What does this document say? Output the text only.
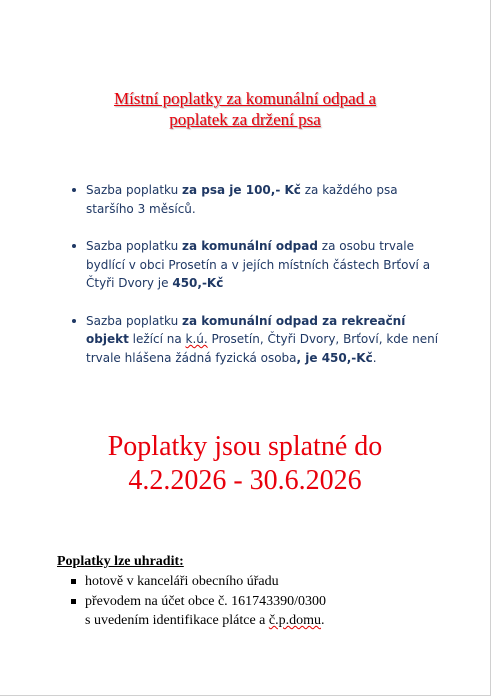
Místní poplatky za komunální odpad a
poplatek za držení psa
Sazba poplatku za psa je 100,- Kč za každého psa staršího 3 měsíců.
Sazba poplatku za komunální odpad za osobu trvale bydlící v obci Prosetín a v jejích místních částech Brťoví a Čtyři Dvory je 450,-Kč
Sazba poplatku za komunální odpad za rekreační objekt ležící na k.ú. Prosetín, Čtyři Dvory, Brťoví, kde není trvale hlášena žádná fyzická osoba, je 450,-Kč.
Poplatky jsou splatné do
4.2.2026 - 30.6.2026
Poplatky lze uhradit:
hotově v kanceláři obecního úřadu
převodem na účet obce č. 161743390/0300
s uvedením identifikace plátce a č.p.domu.
